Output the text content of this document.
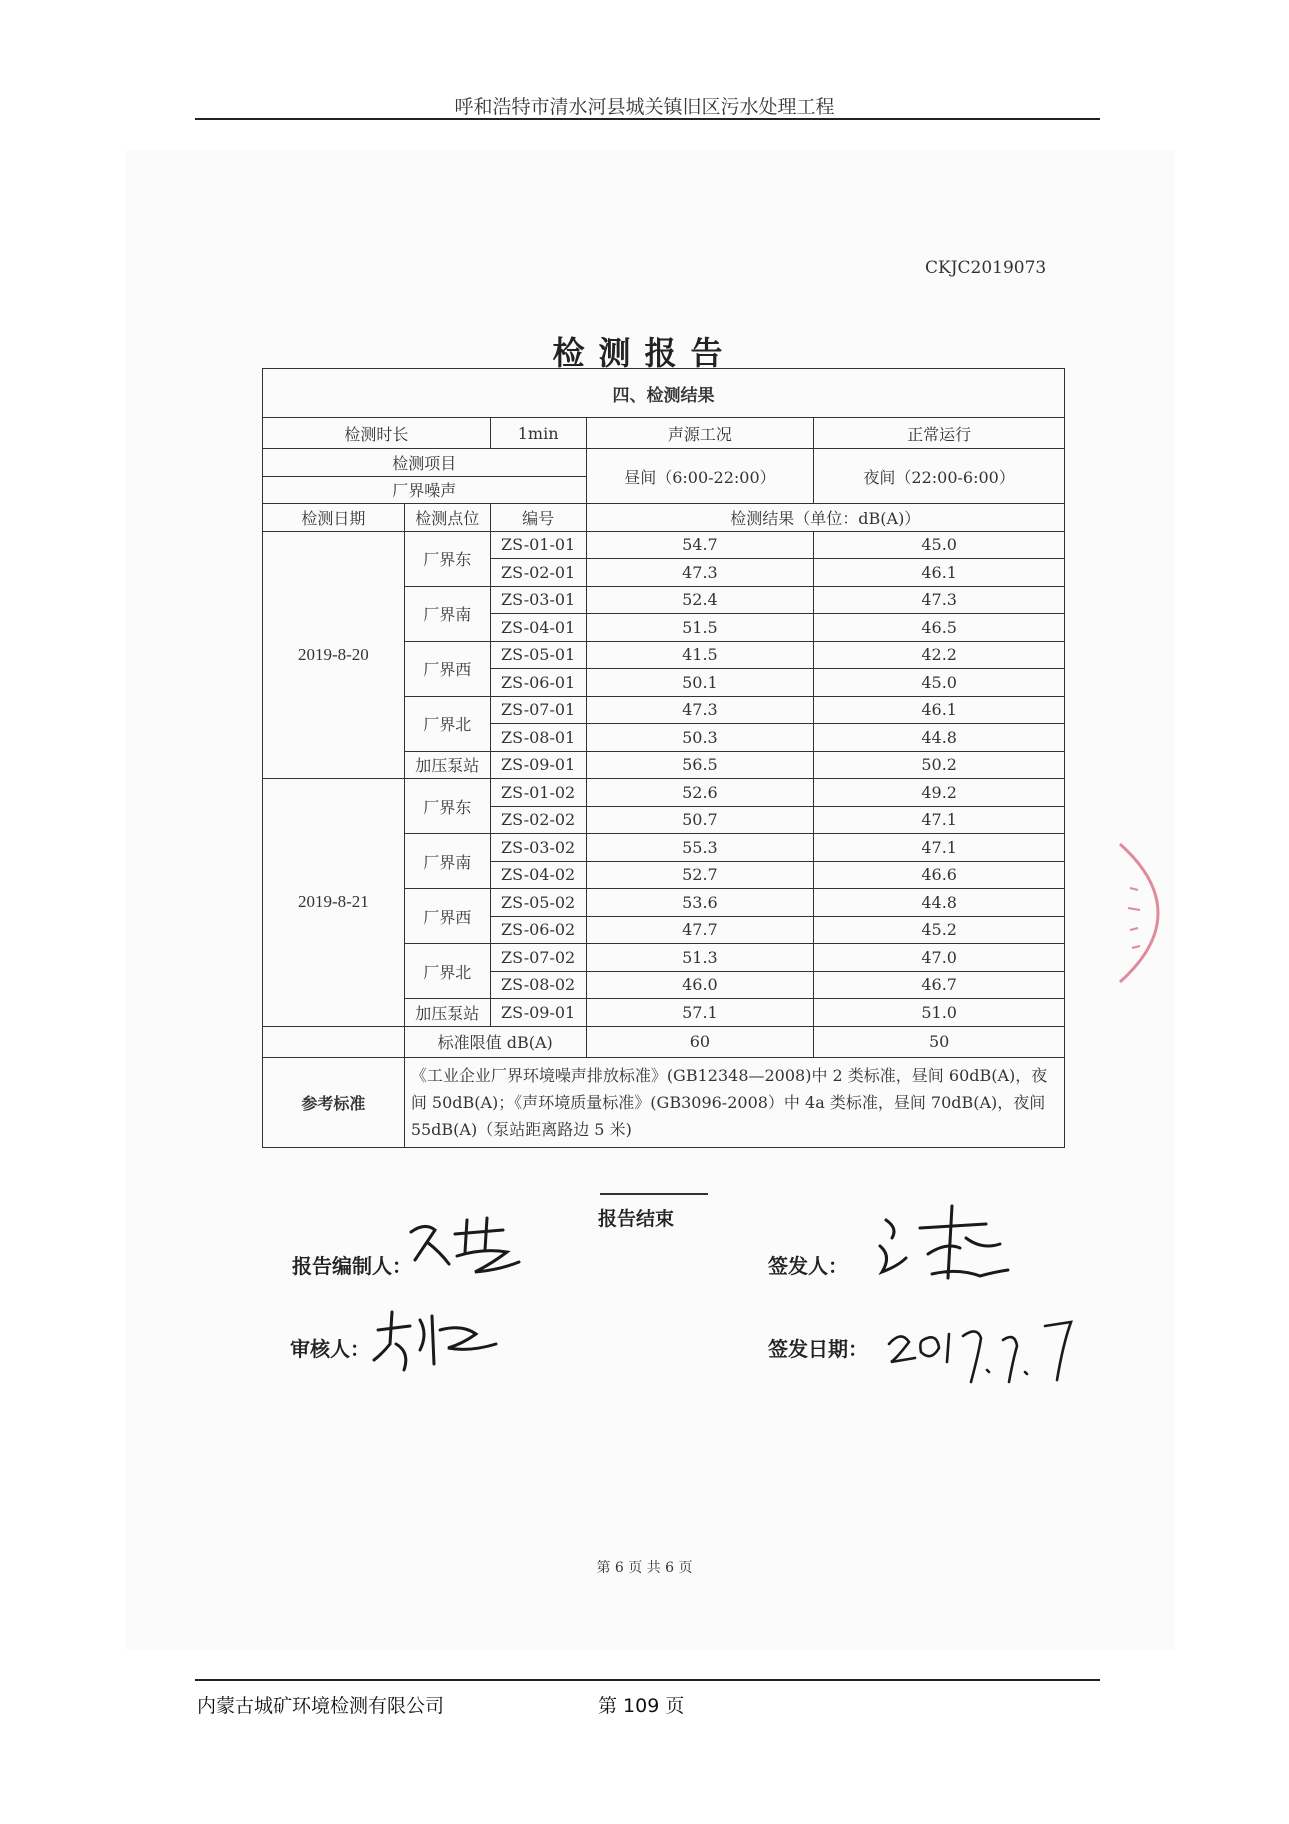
呼和浩特市清水河县城关镇旧区污水处理工程
CKJC2019073
检测报告
四、检测结果				
检测时长		1min	声源工况	正常运行
检测项目			昼间（6:00-22:00）	夜间（22:00-6:00）
厂界噪声				
检测日期	检测点位	编号	检测结果（单位：dB(A)）	
2019-8-20	厂界东	ZS-01-01	54.7	45.0
		ZS-02-01	47.3	46.1
	厂界南	ZS-03-01	52.4	47.3
		ZS-04-01	51.5	46.5
	厂界西	ZS-05-01	41.5	42.2
		ZS-06-01	50.1	45.0
	厂界北	ZS-07-01	47.3	46.1
		ZS-08-01	50.3	44.8
	加压泵站	ZS-09-01	56.5	50.2
2019-8-21	厂界东	ZS-01-02	52.6	49.2
		ZS-02-02	50.7	47.1
	厂界南	ZS-03-02	55.3	47.1
		ZS-04-02	52.7	46.6
	厂界西	ZS-05-02	53.6	44.8
		ZS-06-02	47.7	45.2
	厂界北	ZS-07-02	51.3	47.0
		ZS-08-02	46.0	46.7
	加压泵站	ZS-09-01	57.1	51.0
	标准限值 dB(A)		60	50
参考标准	《工业企业厂界环境噪声排放标准》(GB12348—2008)中 2 类标准，昼间 60dB(A)，夜间 50dB(A)；《声环境质量标准》(GB3096-2008）中 4a 类标准，昼间 70dB(A)，夜间 55dB(A)（泵站距离路边 5 米)			
报告结束
报告编制人：	签发人：
审核人：	签发日期：
第 6 页 共 6 页
内蒙古城矿环境检测有限公司	第 109 页
